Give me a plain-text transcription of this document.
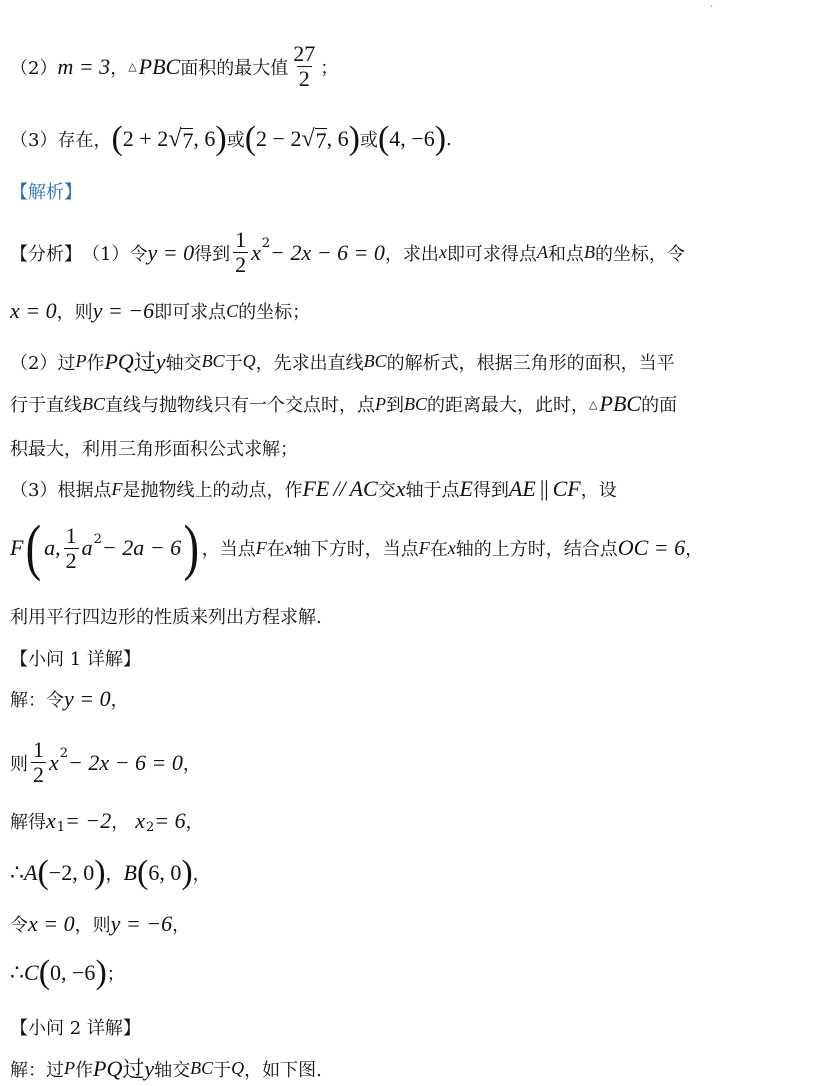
·
（2） m = 3 ， △ PBC 面积的最大值 $\frac{27}{2}$ ；
（3）存在， ( 2 + 2 √ 7 , 6 ) 或 ( 2 − 2 √ 7 , 6 ) 或 ( 4, −6 ) .
【解析】
【分析】 （1）令 y = 0 得到 $\frac{1}{2}$ x 2 − 2x − 6 = 0 ，求出 x 即可求得点 A 和点 B 的坐标，令
x = 0 ，则 y = −6 即可求点 C 的坐标；
（2）过 P 作 PQ 过 y 轴交 BC 于 Q ，先求出直线 BC 的解析式，根据三角形的面积，当平
行于直线 BC 直线与抛物线只有一个交点时，点 P 到 BC 的距离最大，此时， △ PBC 的面
积最大，利用三角形面积公式求解；
（3）根据点 F 是抛物线上的动点，作 FE // AC 交 x 轴于点 E 得到 AE || CF ，设
F ( a, $\frac{1}{2}$ a 2 − 2a − 6 ) ，当点 F 在 x 轴下方时，当点 F 在 x 轴的上方时，结合点 OC = 6 ，
利用平行四边形的性质来列出方程求解.
【小问 1 详解】
解：令 y = 0 ，
则 $\frac{1}{2}$ x 2 − 2x − 6 = 0 ，
解得 x 1 = −2 ， x 2 = 6 ，
∴ A ( −2, 0 ) ， B ( 6, 0 ) ，
令 x = 0 ，则 y = −6 ，
∴ C ( 0, −6 ) ；
【小问 2 详解】
解：过 P 作 PQ 过 y 轴交 BC 于 Q ，如下图.
